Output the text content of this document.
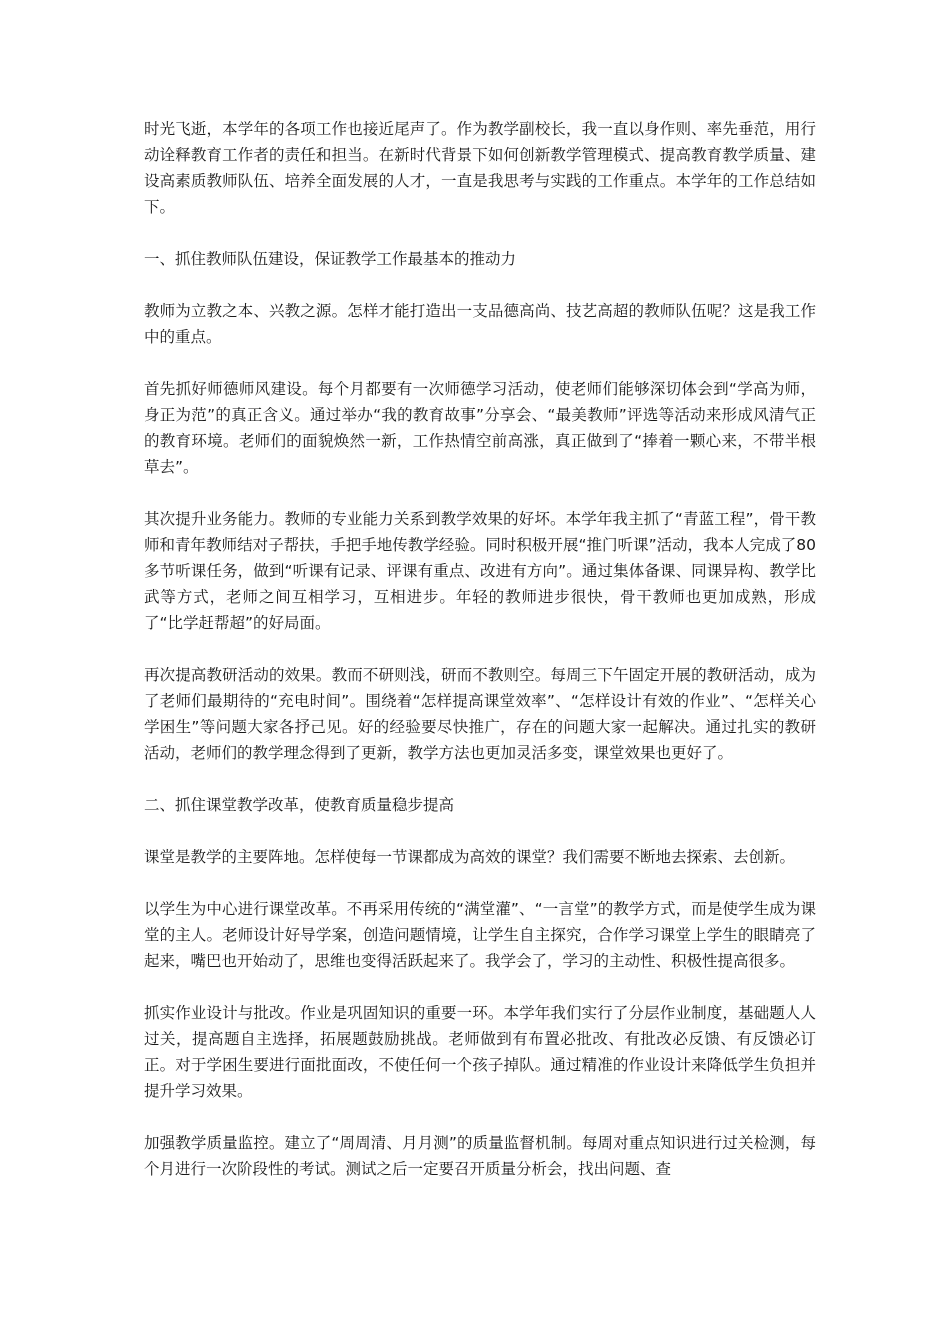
时光飞逝，本学年的各项工作也接近尾声了。作为教学副校长，我一直以身作则、率先垂范，用行动诠释教育工作者的责任和担当。在新时代背景下如何创新教学管理模式、提高教育教学质量、建设高素质教师队伍、培养全面发展的人才，一直是我思考与实践的工作重点。本学年的工作总结如下。

一、抓住教师队伍建设，保证教学工作最基本的推动力

教师为立教之本、兴教之源。怎样才能打造出一支品德高尚、技艺高超的教师队伍呢？这是我工作中的重点。

首先抓好师德师风建设。每个月都要有一次师德学习活动，使老师们能够深切体会到“学高为师，身正为范”的真正含义。通过举办“我的教育故事”分享会、“最美教师”评选等活动来形成风清气正的教育环境。老师们的面貌焕然一新，工作热情空前高涨，真正做到了“捧着一颗心来，不带半根草去”。

其次提升业务能力。教师的专业能力关系到教学效果的好坏。本学年我主抓了“青蓝工程”，骨干教师和青年教师结对子帮扶，手把手地传教学经验。同时积极开展“推门听课”活动，我本人完成了80多节听课任务，做到“听课有记录、评课有重点、改进有方向”。通过集体备课、同课异构、教学比武等方式，老师之间互相学习，互相进步。年轻的教师进步很快，骨干教师也更加成熟，形成了“比学赶帮超”的好局面。

再次提高教研活动的效果。教而不研则浅，研而不教则空。每周三下午固定开展的教研活动，成为了老师们最期待的“充电时间”。围绕着“怎样提高课堂效率”、“怎样设计有效的作业”、“怎样关心学困生”等问题大家各抒己见。好的经验要尽快推广，存在的问题大家一起解决。通过扎实的教研活动，老师们的教学理念得到了更新，教学方法也更加灵活多变，课堂效果也更好了。

二、抓住课堂教学改革，使教育质量稳步提高

课堂是教学的主要阵地。怎样使每一节课都成为高效的课堂？我们需要不断地去探索、去创新。

以学生为中心进行课堂改革。不再采用传统的“满堂灌”、“一言堂”的教学方式，而是使学生成为课堂的主人。老师设计好导学案，创造问题情境，让学生自主探究，合作学习课堂上学生的眼睛亮了起来，嘴巴也开始动了，思维也变得活跃起来了。我学会了，学习的主动性、积极性提高很多。

抓实作业设计与批改。作业是巩固知识的重要一环。本学年我们实行了分层作业制度，基础题人人过关，提高题自主选择，拓展题鼓励挑战。老师做到有布置必批改、有批改必反馈、有反馈必订正。对于学困生要进行面批面改，不使任何一个孩子掉队。通过精准的作业设计来降低学生负担并提升学习效果。

加强教学质量监控。建立了“周周清、月月测”的质量监督机制。每周对重点知识进行过关检测，每个月进行一次阶段性的考试。测试之后一定要召开质量分析会，找出问题、查
